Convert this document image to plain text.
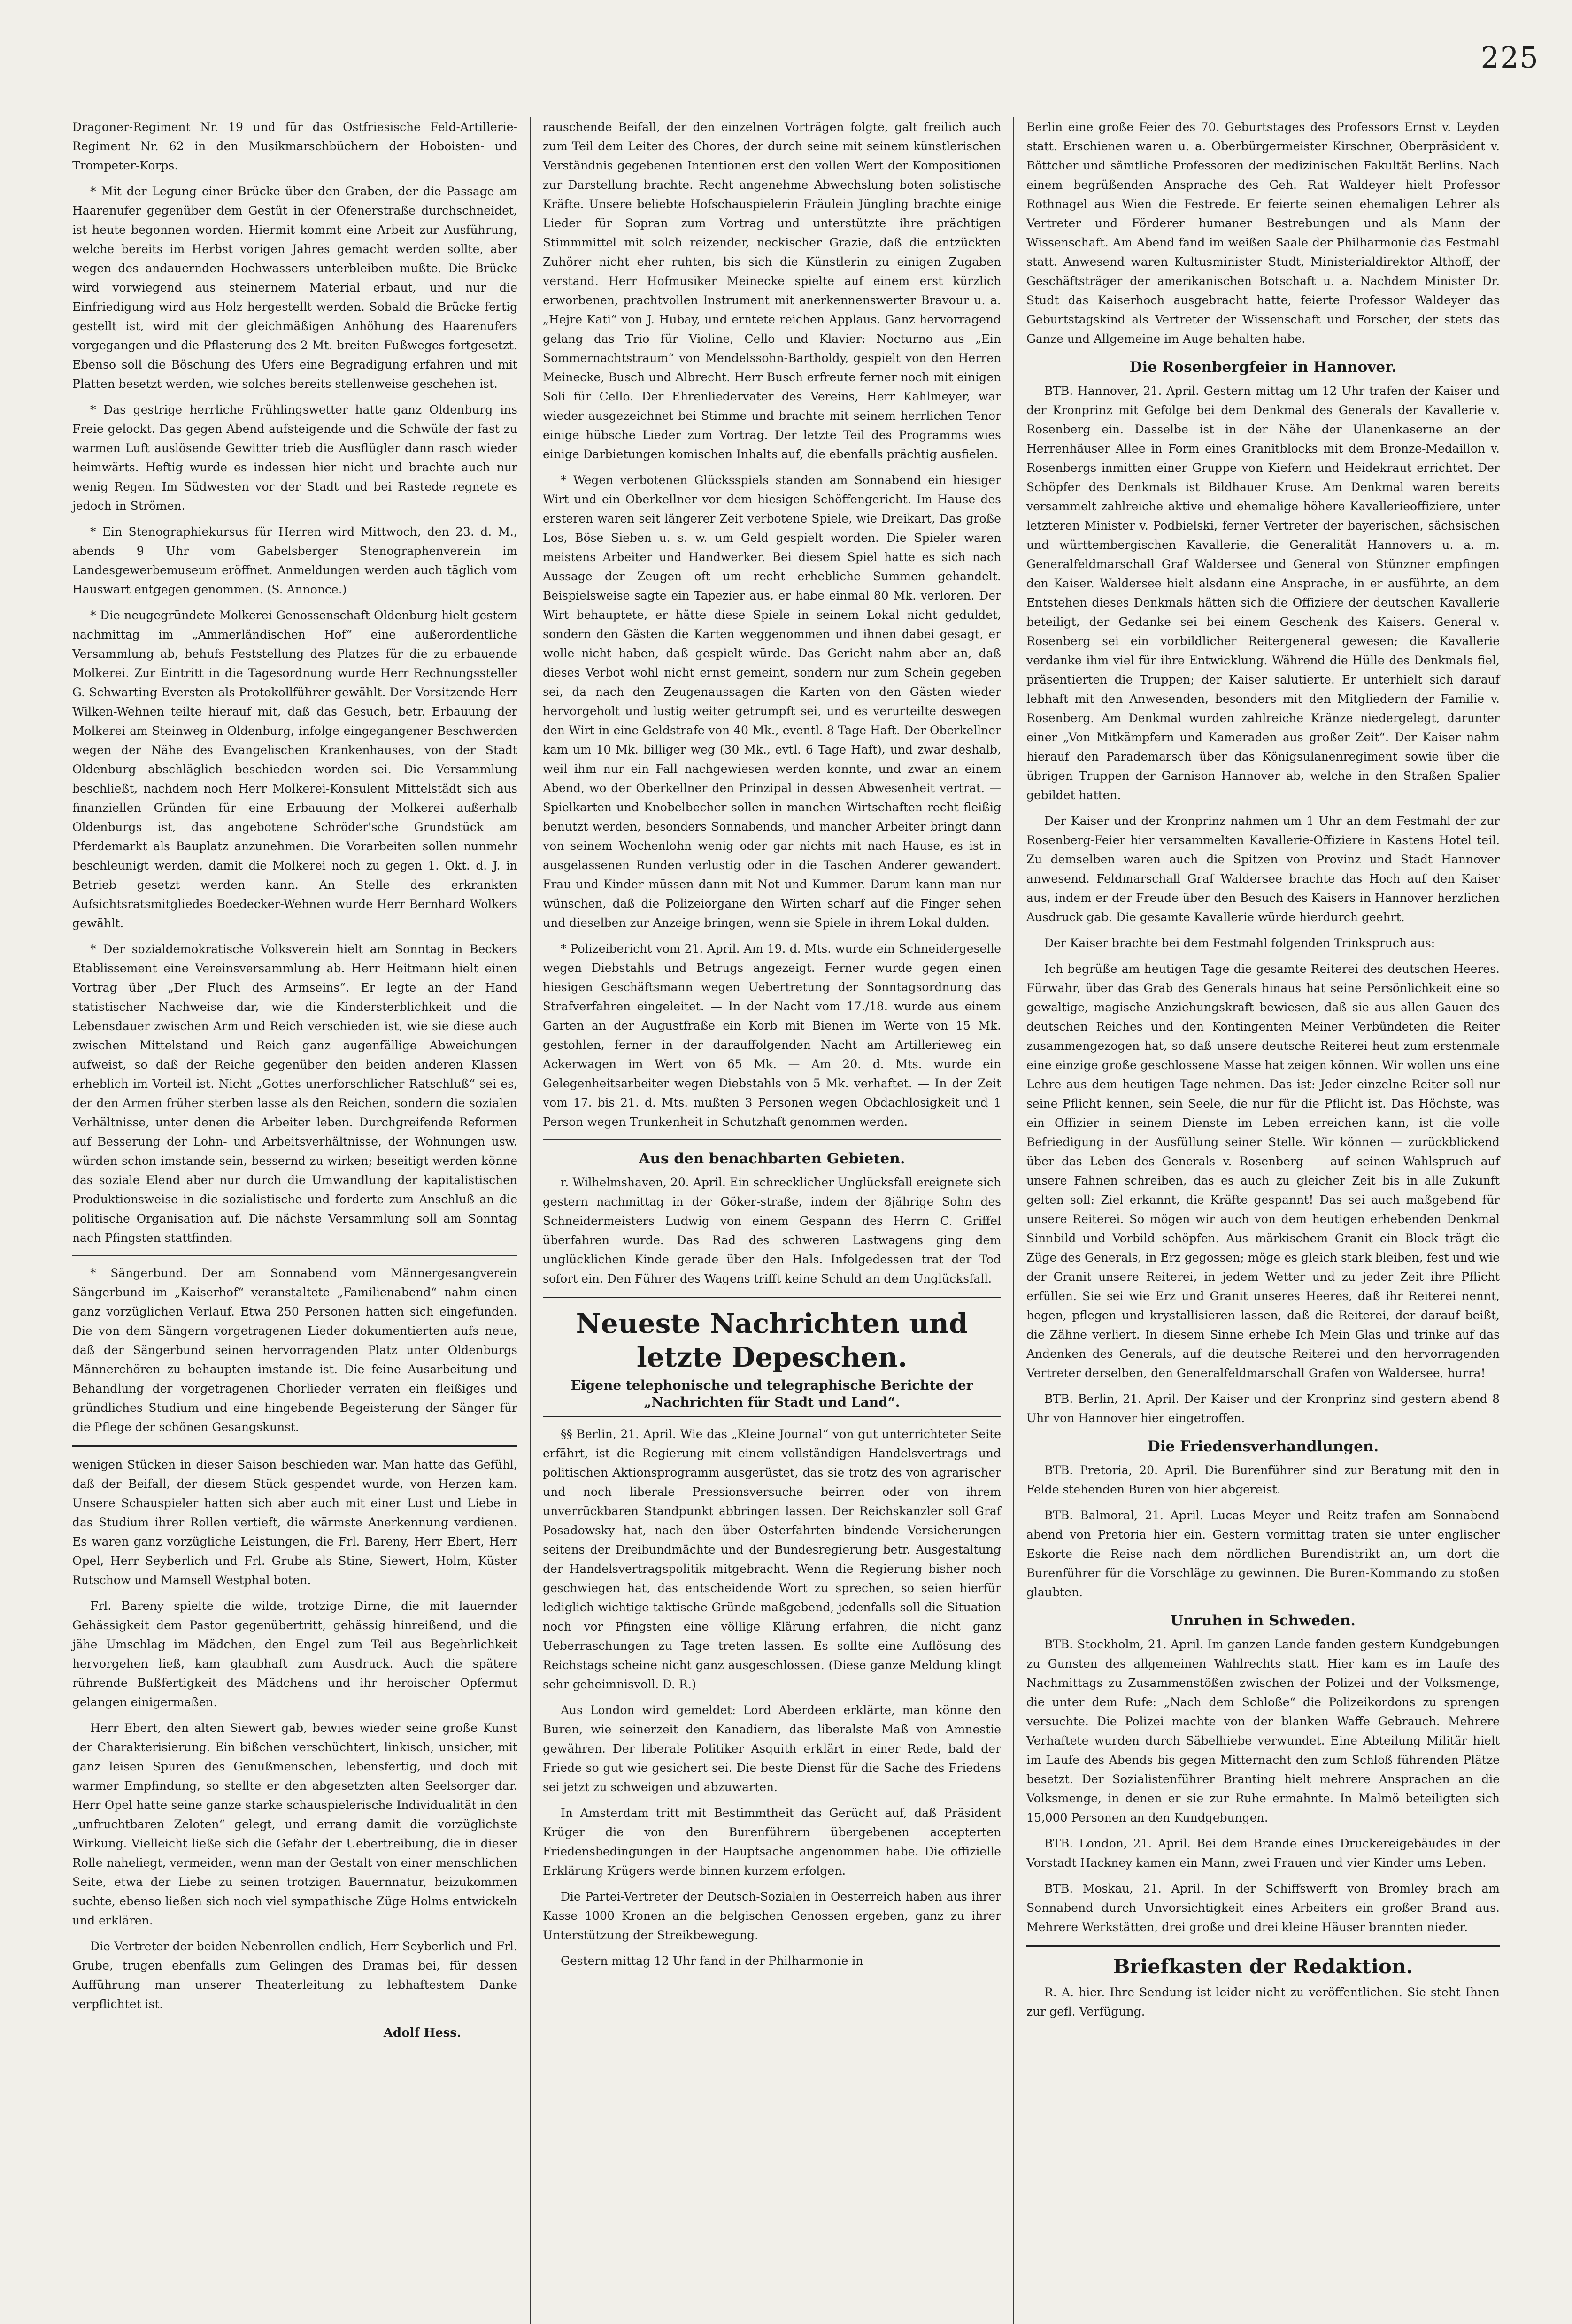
225

Dragoner-Regiment Nr. 19 und für das Ostfriesische Feld-Artillerie-Regiment Nr. 62 in den Musikmarschbüchern der Hoboisten- und Trompeter-Korps.

* Mit der Legung einer Brücke über den Graben, der die Passage am Haarenufer gegenüber dem Gestüt in der Ofenerstraße durchschneidet, ist heute begonnen worden. Hiermit kommt eine Arbeit zur Ausführung, welche bereits im Herbst vorigen Jahres gemacht werden sollte, aber wegen des andauernden Hochwassers unterbleiben mußte. Die Brücke wird vorwiegend aus steinernem Material erbaut, und nur die Einfriedigung wird aus Holz hergestellt werden. Sobald die Brücke fertig gestellt ist, wird mit der gleichmäßigen Anhöhung des Haarenufers vorgegangen und die Pflasterung des 2 Mt. breiten Fußweges fortgesetzt. Ebenso soll die Böschung des Ufers eine Begradigung erfahren und mit Platten besetzt werden, wie solches bereits stellenweise geschehen ist.

* Das gestrige herrliche Frühlingswetter hatte ganz Oldenburg ins Freie gelockt. Das gegen Abend aufsteigende und die Schwüle der fast zu warmen Luft auslösende Gewitter trieb die Ausflügler dann rasch wieder heimwärts. Heftig wurde es indessen hier nicht und brachte auch nur wenig Regen. Im Südwesten vor der Stadt und bei Rastede regnete es jedoch in Strömen.

* Ein Stenographiekursus für Herren wird Mittwoch, den 23. d. M., abends 9 Uhr vom Gabelsberger Stenographenverein im Landesgewerbemuseum eröffnet. Anmeldungen werden auch täglich vom Hauswart entgegen genommen. (S. Annonce.)

* Die neugegründete Molkerei-Genossenschaft Oldenburg hielt gestern nachmittag im „Ammerländischen Hof“ eine außerordentliche Versammlung ab, behufs Feststellung des Platzes für die zu erbauende Molkerei. Zur Eintritt in die Tagesordnung wurde Herr Rechnungssteller G. Schwarting-Eversten als Protokollführer gewählt. Der Vorsitzende Herr Wilken-Wehnen teilte hierauf mit, daß das Gesuch, betr. Erbauung der Molkerei am Steinweg in Oldenburg, infolge eingegangener Beschwerden wegen der Nähe des Evangelischen Krankenhauses, von der Stadt Oldenburg abschläglich beschieden worden sei. Die Versammlung beschließt, nachdem noch Herr Molkerei-Konsulent Mittelstädt sich aus finanziellen Gründen für eine Erbauung der Molkerei außerhalb Oldenburgs ist, das angebotene Schröder'sche Grundstück am Pferdemarkt als Bauplatz anzunehmen. Die Vorarbeiten sollen nunmehr beschleunigt werden, damit die Molkerei noch zu gegen 1. Okt. d. J. in Betrieb gesetzt werden kann. An Stelle des erkrankten Aufsichtsratsmitgliedes Boedecker-Wehnen wurde Herr Bernhard Wolkers gewählt.

* Der sozialdemokratische Volksverein hielt am Sonntag in Beckers Etablissement eine Vereinsversammlung ab. Herr Heitmann hielt einen Vortrag über „Der Fluch des Armseins“. Er legte an der Hand statistischer Nachweise dar, wie die Kindersterblichkeit und die Lebensdauer zwischen Arm und Reich verschieden ist, wie sie diese auch zwischen Mittelstand und Reich ganz augenfällige Abweichungen aufweist, so daß der Reiche gegenüber den beiden anderen Klassen erheblich im Vorteil ist. Nicht „Gottes unerforschlicher Ratschluß“ sei es, der den Armen früher sterben lasse als den Reichen, sondern die sozialen Verhältnisse, unter denen die Arbeiter leben. Durchgreifende Reformen auf Besserung der Lohn- und Arbeitsverhältnisse, der Wohnungen usw. würden schon imstande sein, bessernd zu wirken; beseitigt werden könne das soziale Elend aber nur durch die Umwandlung der kapitalistischen Produktionsweise in die sozialistische und forderte zum Anschluß an die politische Organisation auf. Die nächste Versammlung soll am Sonntag nach Pfingsten stattfinden.

* Sängerbund. Der am Sonnabend vom Männergesangverein Sängerbund im „Kaiserhof“ veranstaltete „Familienabend“ nahm einen ganz vorzüglichen Verlauf. Etwa 250 Personen hatten sich eingefunden. Die von dem Sängern vorgetragenen Lieder dokumentierten aufs neue, daß der Sängerbund seinen hervorragenden Platz unter Oldenburgs Männerchören zu behaupten imstande ist. Die feine Ausarbeitung und Behandlung der vorgetragenen Chorlieder verraten ein fleißiges und gründliches Studium und eine hingebende Begeisterung der Sänger für die Pflege der schönen Gesangskunst.

wenigen Stücken in dieser Saison beschieden war. Man hatte das Gefühl, daß der Beifall, der diesem Stück gespendet wurde, von Herzen kam. Unsere Schauspieler hatten sich aber auch mit einer Lust und Liebe in das Studium ihrer Rollen vertieft, die wärmste Anerkennung verdienen. Es waren ganz vorzügliche Leistungen, die Frl. Bareny, Herr Ebert, Herr Opel, Herr Seyberlich und Frl. Grube als Stine, Siewert, Holm, Küster Rutschow und Mamsell Westphal boten.

Frl. Bareny spielte die wilde, trotzige Dirne, die mit lauernder Gehässigkeit dem Pastor gegenübertritt, gehässig hinreißend, und die jähe Umschlag im Mädchen, den Engel zum Teil aus Begehrlichkeit hervorgehen ließ, kam glaubhaft zum Ausdruck. Auch die spätere rührende Bußfertigkeit des Mädchens und ihr heroischer Opfermut gelangen einigermaßen.

Herr Ebert, den alten Siewert gab, bewies wieder seine große Kunst der Charakterisierung. Ein bißchen verschüchtert, linkisch, unsicher, mit ganz leisen Spuren des Genußmenschen, lebensfertig, und doch mit warmer Empfindung, so stellte er den abgesetzten alten Seelsorger dar. Herr Opel hatte seine ganze starke schauspielerische Individualität in den „unfruchtbaren Zeloten“ gelegt, und errang damit die vorzüglichste Wirkung. Vielleicht ließe sich die Gefahr der Uebertreibung, die in dieser Rolle naheliegt, vermeiden, wenn man der Gestalt von einer menschlichen Seite, etwa der Liebe zu seinen trotzigen Bauernnatur, beizukommen suchte, ebenso ließen sich noch viel sympathische Züge Holms entwickeln und erklären.

Die Vertreter der beiden Nebenrollen endlich, Herr Seyberlich und Frl. Grube, trugen ebenfalls zum Gelingen des Dramas bei, für dessen Aufführung man unserer Theaterleitung zu lebhaftestem Danke verpflichtet ist.

Adolf Hess.

rauschende Beifall, der den einzelnen Vorträgen folgte, galt freilich auch zum Teil dem Leiter des Chores, der durch seine mit seinem künstlerischen Verständnis gegebenen Intentionen erst den vollen Wert der Kompositionen zur Darstellung brachte. Recht angenehme Abwechslung boten solistische Kräfte. Unsere beliebte Hofschauspielerin Fräulein Jüngling brachte einige Lieder für Sopran zum Vortrag und unterstützte ihre prächtigen Stimmmittel mit solch reizender, neckischer Grazie, daß die entzückten Zuhörer nicht eher ruhten, bis sich die Künstlerin zu einigen Zugaben verstand. Herr Hofmusiker Meinecke spielte auf einem erst kürzlich erworbenen, prachtvollen Instrument mit anerkennenswerter Bravour u. a. „Hejre Kati“ von J. Hubay, und erntete reichen Applaus. Ganz hervorragend gelang das Trio für Violine, Cello und Klavier: Nocturno aus „Ein Sommernachtstraum“ von Mendelssohn-Bartholdy, gespielt von den Herren Meinecke, Busch und Albrecht. Herr Busch erfreute ferner noch mit einigen Soli für Cello. Der Ehrenliedervater des Vereins, Herr Kahlmeyer, war wieder ausgezeichnet bei Stimme und brachte mit seinem herrlichen Tenor einige hübsche Lieder zum Vortrag. Der letzte Teil des Programms wies einige Darbietungen komischen Inhalts auf, die ebenfalls prächtig ausfielen.

* Wegen verbotenen Glücksspiels standen am Sonnabend ein hiesiger Wirt und ein Oberkellner vor dem hiesigen Schöffengericht. Im Hause des ersteren waren seit längerer Zeit verbotene Spiele, wie Dreikart, Das große Los, Böse Sieben u. s. w. um Geld gespielt worden. Die Spieler waren meistens Arbeiter und Handwerker. Bei diesem Spiel hatte es sich nach Aussage der Zeugen oft um recht erhebliche Summen gehandelt. Beispielsweise sagte ein Tapezier aus, er habe einmal 80 Mk. verloren. Der Wirt behauptete, er hätte diese Spiele in seinem Lokal nicht geduldet, sondern den Gästen die Karten weggenommen und ihnen dabei gesagt, er wolle nicht haben, daß gespielt würde. Das Gericht nahm aber an, daß dieses Verbot wohl nicht ernst gemeint, sondern nur zum Schein gegeben sei, da nach den Zeugenaussagen die Karten von den Gästen wieder hervorgeholt und lustig weiter getrumpft sei, und es verurteilte deswegen den Wirt in eine Geldstrafe von 40 Mk., eventl. 8 Tage Haft. Der Oberkellner kam um 10 Mk. billiger weg (30 Mk., evtl. 6 Tage Haft), und zwar deshalb, weil ihm nur ein Fall nachgewiesen werden konnte, und zwar an einem Abend, wo der Oberkellner den Prinzipal in dessen Abwesenheit vertrat. — Spielkarten und Knobelbecher sollen in manchen Wirtschaften recht fleißig benutzt werden, besonders Sonnabends, und mancher Arbeiter bringt dann von seinem Wochenlohn wenig oder gar nichts mit nach Hause, es ist in ausgelassenen Runden verlustig oder in die Taschen Anderer gewandert. Frau und Kinder müssen dann mit Not und Kummer. Darum kann man nur wünschen, daß die Polizeiorgane den Wirten scharf auf die Finger sehen und dieselben zur Anzeige bringen, wenn sie Spiele in ihrem Lokal dulden.

* Polizeibericht vom 21. April. Am 19. d. Mts. wurde ein Schneidergeselle wegen Diebstahls und Betrugs angezeigt. Ferner wurde gegen einen hiesigen Geschäftsmann wegen Uebertretung der Sonntagsordnung das Strafverfahren eingeleitet. — In der Nacht vom 17./18. wurde aus einem Garten an der Augustfraße ein Korb mit Bienen im Werte von 15 Mk. gestohlen, ferner in der darauffolgenden Nacht am Artillerieweg ein Ackerwagen im Wert von 65 Mk. — Am 20. d. Mts. wurde ein Gelegenheitsarbeiter wegen Diebstahls von 5 Mk. verhaftet. — In der Zeit vom 17. bis 21. d. Mts. mußten 3 Personen wegen Obdachlosigkeit und 1 Person wegen Trunkenheit in Schutzhaft genommen werden.

Aus den benachbarten Gebieten.

r. Wilhelmshaven, 20. April. Ein schrecklicher Unglücksfall ereignete sich gestern nachmittag in der Göker-straße, indem der 8jährige Sohn des Schneidermeisters Ludwig von einem Gespann des Herrn C. Griffel überfahren wurde. Das Rad des schweren Lastwagens ging dem unglücklichen Kinde gerade über den Hals. Infolgedessen trat der Tod sofort ein. Den Führer des Wagens trifft keine Schuld an dem Unglücksfall.

Neueste Nachrichten und letzte Depeschen.
Eigene telephonische und telegraphische Berichte der „Nachrichten für Stadt und Land“.

§§ Berlin, 21. April. Wie das „Kleine Journal“ von gut unterrichteter Seite erfährt, ist die Regierung mit einem vollständigen Handelsvertrags- und politischen Aktionsprogramm ausgerüstet, das sie trotz des von agrarischer und noch liberale Pressionsversuche beirren oder von ihrem unverrückbaren Standpunkt abbringen lassen. Der Reichskanzler soll Graf Posadowsky hat, nach den über Osterfahrten bindende Versicherungen seitens der Dreibundmächte und der Bundesregierung betr. Ausgestaltung der Handelsvertragspolitik mitgebracht. Wenn die Regierung bisher noch geschwiegen hat, das entscheidende Wort zu sprechen, so seien hierfür lediglich wichtige taktische Gründe maßgebend, jedenfalls soll die Situation noch vor Pfingsten eine völlige Klärung erfahren, die nicht ganz Ueberraschungen zu Tage treten lassen. Es sollte eine Auflösung des Reichstags scheine nicht ganz ausgeschlossen. (Diese ganze Meldung klingt sehr geheimnisvoll. D. R.)

Aus London wird gemeldet: Lord Aberdeen erklärte, man könne den Buren, wie seinerzeit den Kanadiern, das liberalste Maß von Amnestie gewähren. Der liberale Politiker Asquith erklärt in einer Rede, bald der Friede so gut wie gesichert sei. Die beste Dienst für die Sache des Friedens sei jetzt zu schweigen und abzuwarten.

In Amsterdam tritt mit Bestimmtheit das Gerücht auf, daß Präsident Krüger die von den Burenführern übergebenen accepterten Friedensbedingungen in der Hauptsache angenommen habe. Die offizielle Erklärung Krügers werde binnen kurzem erfolgen.

Die Partei-Vertreter der Deutsch-Sozialen in Oesterreich haben aus ihrer Kasse 1000 Kronen an die belgischen Genossen ergeben, ganz zu ihrer Unterstützung der Streikbewegung.

Gestern mittag 12 Uhr fand in der Philharmonie in

Berlin eine große Feier des 70. Geburtstages des Professors Ernst v. Leyden statt. Erschienen waren u. a. Oberbürgermeister Kirschner, Oberpräsident v. Böttcher und sämtliche Professoren der medizinischen Fakultät Berlins. Nach einem begrüßenden Ansprache des Geh. Rat Waldeyer hielt Professor Rothnagel aus Wien die Festrede. Er feierte seinen ehemaligen Lehrer als Vertreter und Förderer humaner Bestrebungen und als Mann der Wissenschaft. Am Abend fand im weißen Saale der Philharmonie das Festmahl statt. Anwesend waren Kultusminister Studt, Ministerialdirektor Althoff, der Geschäftsträger der amerikanischen Botschaft u. a. Nachdem Minister Dr. Studt das Kaiserhoch ausgebracht hatte, feierte Professor Waldeyer das Geburtstagskind als Vertreter der Wissenschaft und Forscher, der stets das Ganze und Allgemeine im Auge behalten habe.

Die Rosenbergfeier in Hannover.

BTB. Hannover, 21. April. Gestern mittag um 12 Uhr trafen der Kaiser und der Kronprinz mit Gefolge bei dem Denkmal des Generals der Kavallerie v. Rosenberg ein. Dasselbe ist in der Nähe der Ulanenkaserne an der Herrenhäuser Allee in Form eines Granitblocks mit dem Bronze-Medaillon v. Rosenbergs inmitten einer Gruppe von Kiefern und Heidekraut errichtet. Der Schöpfer des Denkmals ist Bildhauer Kruse. Am Denkmal waren bereits versammelt zahlreiche aktive und ehemalige höhere Kavallerieoffiziere, unter letzteren Minister v. Podbielski, ferner Vertreter der bayerischen, sächsischen und württembergischen Kavallerie, die Generalität Hannovers u. a. m. Generalfeldmarschall Graf Waldersee und General von Stünzner empfingen den Kaiser. Waldersee hielt alsdann eine Ansprache, in er ausführte, an dem Entstehen dieses Denkmals hätten sich die Offiziere der deutschen Kavallerie beteiligt, der Gedanke sei bei einem Geschenk des Kaisers. General v. Rosenberg sei ein vorbildlicher Reitergeneral gewesen; die Kavallerie verdanke ihm viel für ihre Entwicklung. Während die Hülle des Denkmals fiel, präsentierten die Truppen; der Kaiser salutierte. Er unterhielt sich darauf lebhaft mit den Anwesenden, besonders mit den Mitgliedern der Familie v. Rosenberg. Am Denkmal wurden zahlreiche Kränze niedergelegt, darunter einer „Von Mitkämpfern und Kameraden aus großer Zeit“. Der Kaiser nahm hierauf den Parademarsch über das Königsulanenregiment sowie über die übrigen Truppen der Garnison Hannover ab, welche in den Straßen Spalier gebildet hatten.

Der Kaiser und der Kronprinz nahmen um 1 Uhr an dem Festmahl der zur Rosenberg-Feier hier versammelten Kavallerie-Offiziere in Kastens Hotel teil. Zu demselben waren auch die Spitzen von Provinz und Stadt Hannover anwesend. Feldmarschall Graf Waldersee brachte das Hoch auf den Kaiser aus, indem er der Freude über den Besuch des Kaisers in Hannover herzlichen Ausdruck gab. Die gesamte Kavallerie würde hierdurch geehrt.

Der Kaiser brachte bei dem Festmahl folgenden Trinkspruch aus:

Ich begrüße am heutigen Tage die gesamte Reiterei des deutschen Heeres. Fürwahr, über das Grab des Generals hinaus hat seine Persönlichkeit eine so gewaltige, magische Anziehungskraft bewiesen, daß sie aus allen Gauen des deutschen Reiches und den Kontingenten Meiner Verbündeten die Reiter zusammengezogen hat, so daß unsere deutsche Reiterei heut zum erstenmale eine einzige große geschlossene Masse hat zeigen können. Wir wollen uns eine Lehre aus dem heutigen Tage nehmen. Das ist: Jeder einzelne Reiter soll nur seine Pflicht kennen, sein Seele, die nur für die Pflicht ist. Das Höchste, was ein Offizier in seinem Dienste im Leben erreichen kann, ist die volle Befriedigung in der Ausfüllung seiner Stelle. Wir können — zurückblickend über das Leben des Generals v. Rosenberg — auf seinen Wahlspruch auf unsere Fahnen schreiben, das es auch zu gleicher Zeit bis in alle Zukunft gelten soll: Ziel erkannt, die Kräfte gespannt! Das sei auch maßgebend für unsere Reiterei. So mögen wir auch von dem heutigen erhebenden Denkmal Sinnbild und Vorbild schöpfen. Aus märkischem Granit ein Block trägt die Züge des Generals, in Erz gegossen; möge es gleich stark bleiben, fest und wie der Granit unsere Reiterei, in jedem Wetter und zu jeder Zeit ihre Pflicht erfüllen. Sie sei wie Erz und Granit unseres Heeres, daß ihr Reiterei nennt, hegen, pflegen und krystallisieren lassen, daß die Reiterei, der darauf beißt, die Zähne verliert. In diesem Sinne erhebe Ich Mein Glas und trinke auf das Andenken des Generals, auf die deutsche Reiterei und den hervorragenden Vertreter derselben, den Generalfeldmarschall Grafen von Waldersee, hurra!

BTB. Berlin, 21. April. Der Kaiser und der Kronprinz sind gestern abend 8 Uhr von Hannover hier eingetroffen.

Die Friedensverhandlungen.

BTB. Pretoria, 20. April. Die Burenführer sind zur Beratung mit den in Felde stehenden Buren von hier abgereist.

BTB. Balmoral, 21. April. Lucas Meyer und Reitz trafen am Sonnabend abend von Pretoria hier ein. Gestern vormittag traten sie unter englischer Eskorte die Reise nach dem nördlichen Burendistrikt an, um dort die Burenführer für die Vorschläge zu gewinnen. Die Buren-Kommando zu stoßen glaubten.

Unruhen in Schweden.

BTB. Stockholm, 21. April. Im ganzen Lande fanden gestern Kundgebungen zu Gunsten des allgemeinen Wahlrechts statt. Hier kam es im Laufe des Nachmittags zu Zusammenstößen zwischen der Polizei und der Volksmenge, die unter dem Rufe: „Nach dem Schloße“ die Polizeikordons zu sprengen versuchte. Die Polizei machte von der blanken Waffe Gebrauch. Mehrere Verhaftete wurden durch Säbelhiebe verwundet. Eine Abteilung Militär hielt im Laufe des Abends bis gegen Mitternacht den zum Schloß führenden Plätze besetzt. Der Sozialistenführer Branting hielt mehrere Ansprachen an die Volksmenge, in denen er sie zur Ruhe ermahnte. In Malmö beteiligten sich 15,000 Personen an den Kundgebungen.

BTB. London, 21. April. Bei dem Brande eines Druckereigebäudes in der Vorstadt Hackney kamen ein Mann, zwei Frauen und vier Kinder ums Leben.

BTB. Moskau, 21. April. In der Schiffswerft von Bromley brach am Sonnabend durch Unvorsichtigkeit eines Arbeiters ein großer Brand aus. Mehrere Werkstätten, drei große und drei kleine Häuser brannten nieder.

Briefkasten der Redaktion.

R. A. hier. Ihre Sendung ist leider nicht zu veröffentlichen. Sie steht Ihnen zur gefl. Verfügung.
